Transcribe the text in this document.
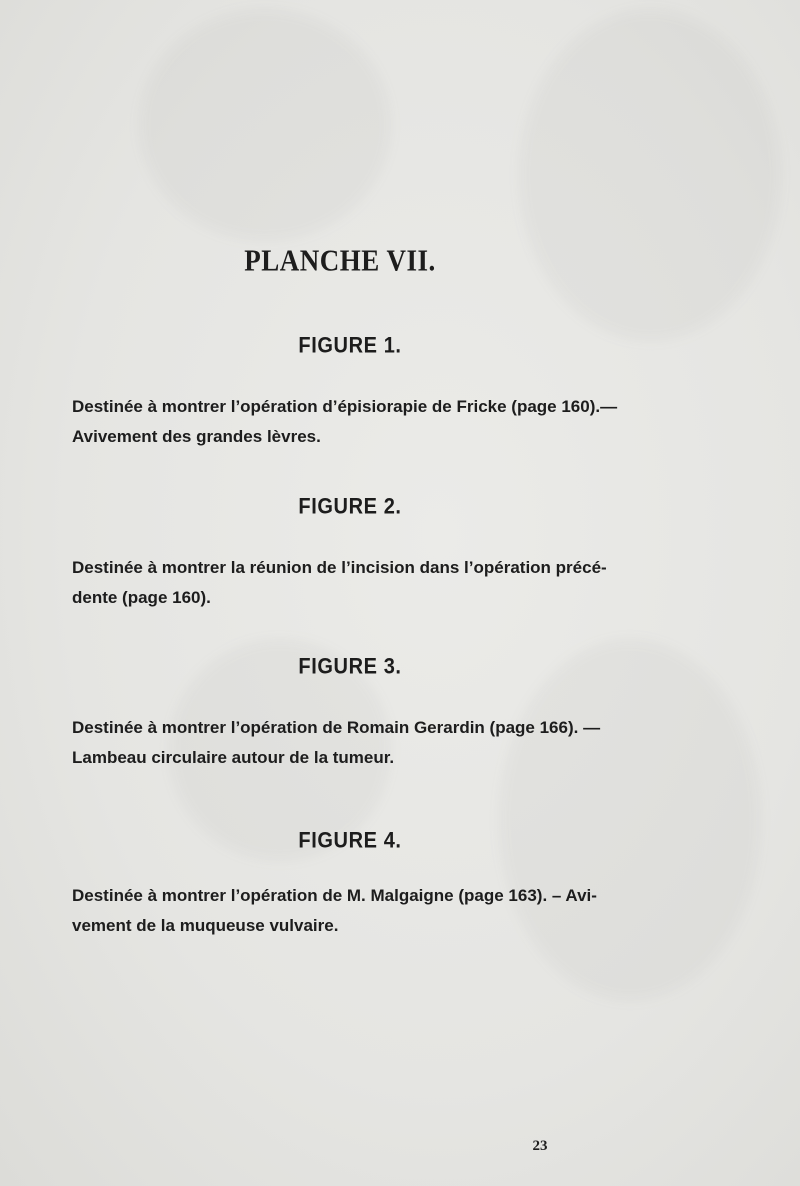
PLANCHE VII.
FIGURE 1.
Destinée à montrer l’opération d’épisiorapie de Fricke (page 160).—
Avivement des grandes lèvres.
FIGURE 2.
Destinée à montrer la réunion de l’incision dans l’opération précé-
dente (page 160).
FIGURE 3.
Destinée à montrer l’opération de Romain Gerardin (page 166). —
Lambeau circulaire autour de la tumeur.
FIGURE 4.
Destinée à montrer l’opération de M. Malgaigne (page 163). – Avi-
vement de la muqueuse vulvaire.
23
